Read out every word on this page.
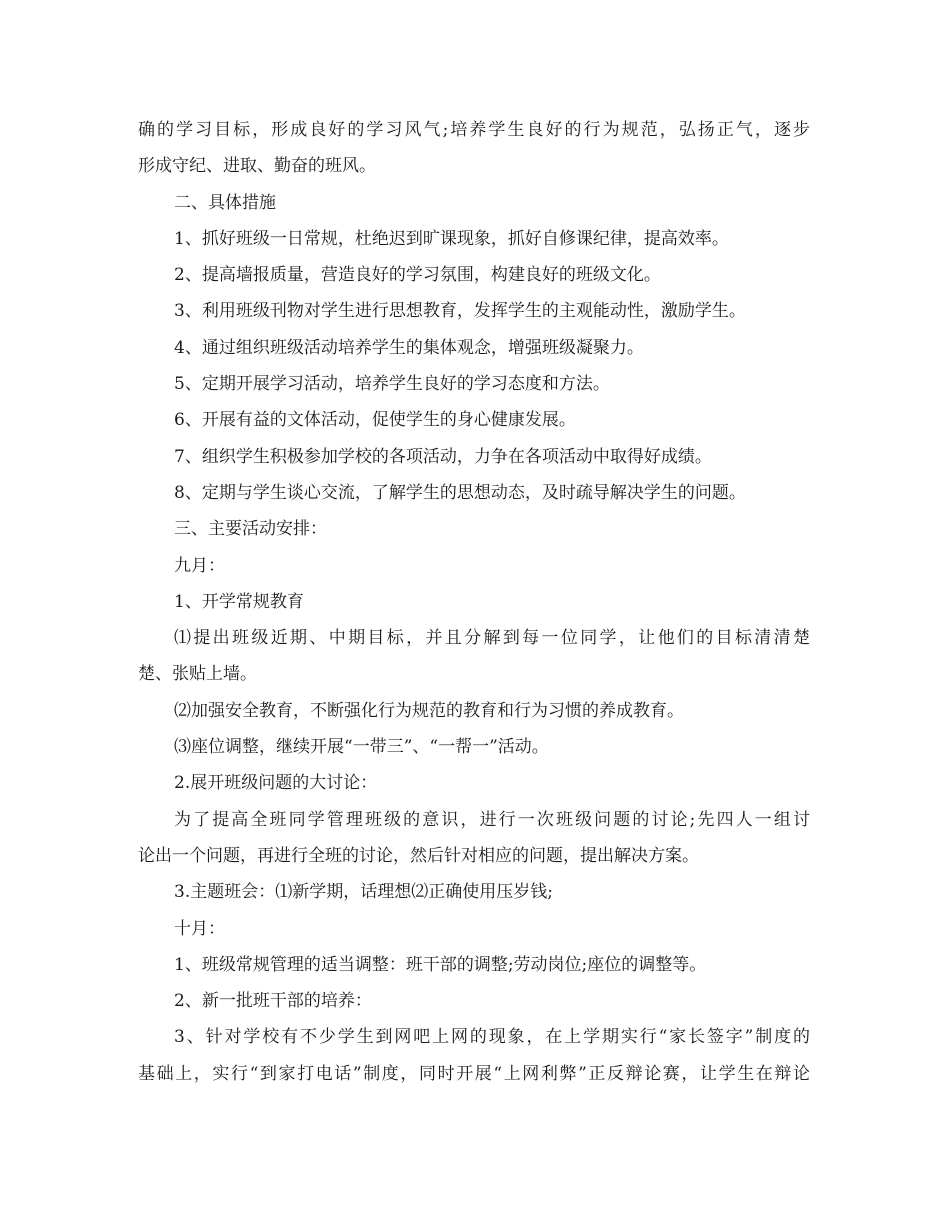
确的学习目标，形成良好的学习风气;培养学生良好的行为规范，弘扬正气，逐步
形成守纪、进取、勤奋的班风。
二、具体措施
1、抓好班级一日常规，杜绝迟到旷课现象，抓好自修课纪律，提高效率。
2、提高墙报质量，营造良好的学习氛围，构建良好的班级文化。
3、利用班级刊物对学生进行思想教育，发挥学生的主观能动性，激励学生。
4、通过组织班级活动培养学生的集体观念，增强班级凝聚力。
5、定期开展学习活动，培养学生良好的学习态度和方法。
6、开展有益的文体活动，促使学生的身心健康发展。
7、组织学生积极参加学校的各项活动，力争在各项活动中取得好成绩。
8、定期与学生谈心交流，了解学生的思想动态，及时疏导解决学生的问题。
三、主要活动安排：
九月：
1、开学常规教育
⑴提出班级近期、中期目标，并且分解到每一位同学，让他们的目标清清楚
楚、张贴上墙。
⑵加强安全教育，不断强化行为规范的教育和行为习惯的养成教育。
⑶座位调整，继续开展“一带三”、“一帮一”活动。
2.展开班级问题的大讨论：
为了提高全班同学管理班级的意识，进行一次班级问题的讨论;先四人一组讨
论出一个问题，再进行全班的讨论，然后针对相应的问题，提出解决方案。
3.主题班会：⑴新学期，话理想⑵正确使用压岁钱;
十月：
1、班级常规管理的适当调整：班干部的调整;劳动岗位;座位的调整等。
2、新一批班干部的培养：
3、针对学校有不少学生到网吧上网的现象，在上学期实行“家长签字”制度的
基础上，实行“到家打电话”制度，同时开展“上网利弊”正反辩论赛，让学生在辩论
